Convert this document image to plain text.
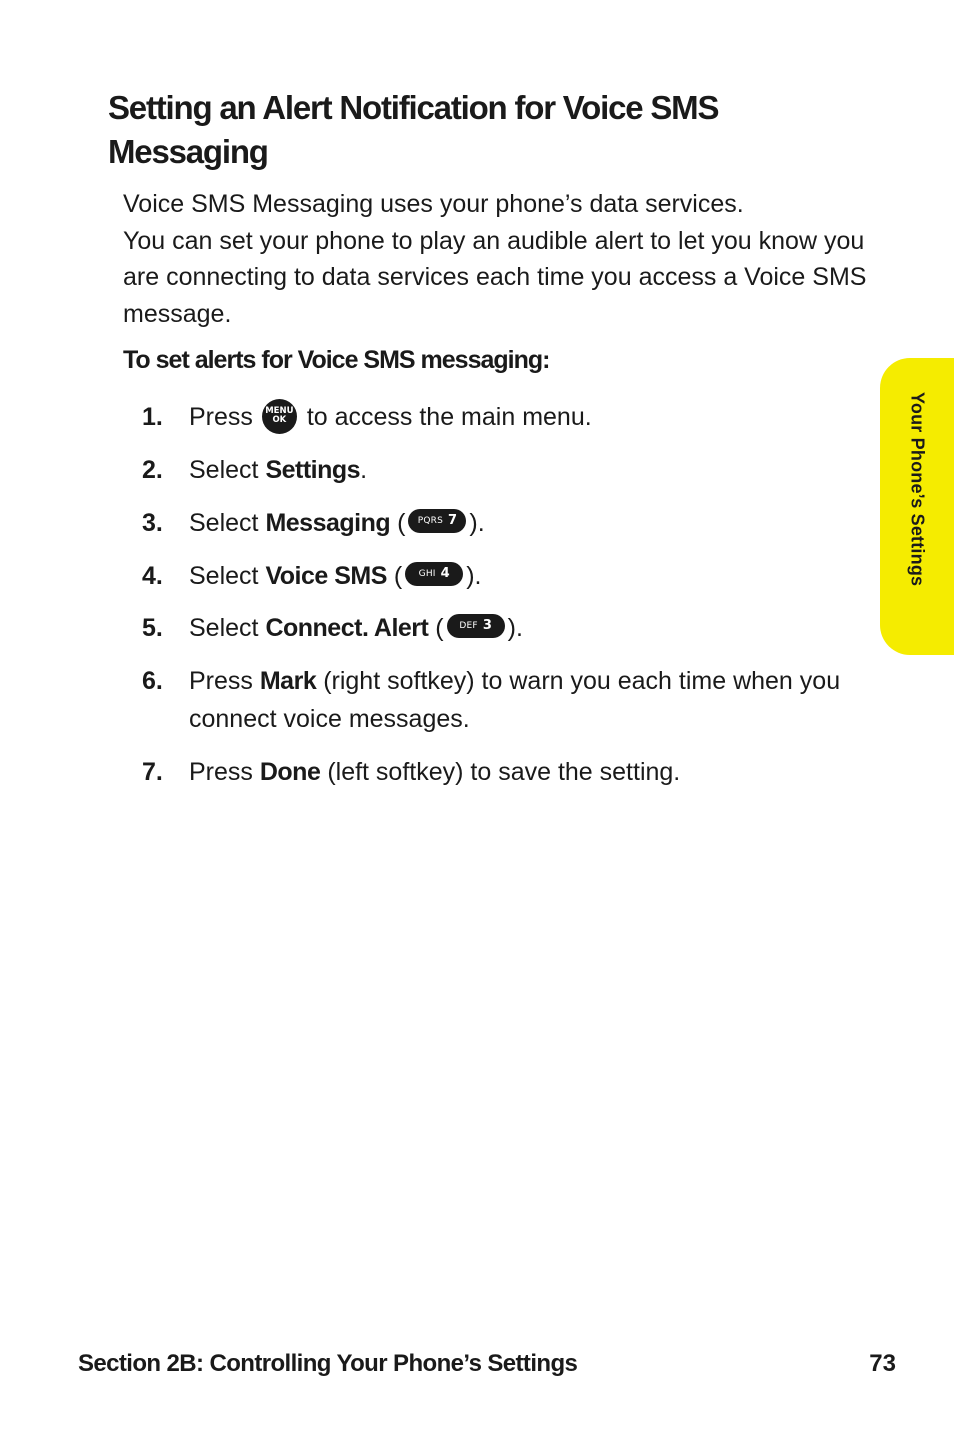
Setting an Alert Notification for Voice SMS Messaging

Voice SMS Messaging uses your phone’s data services.
You can set your phone to play an audible alert to let you know you are connecting to data services each time you access a Voice SMS message.

To set alerts for Voice SMS messaging:

1. Press MENU
OK to access the main menu.
2. Select Settings.
3. Select Messaging ( PQRS 7 ).
4. Select Voice SMS ( GHI 4 ).
5. Select Connect. Alert ( DEF 3 ).
6. Press Mark (right softkey) to warn you each time when you connect voice messages.
7. Press Done (left softkey) to save the setting.
Your Phone’s Settings
Section 2B: Controlling Your Phone’s Settings	73
